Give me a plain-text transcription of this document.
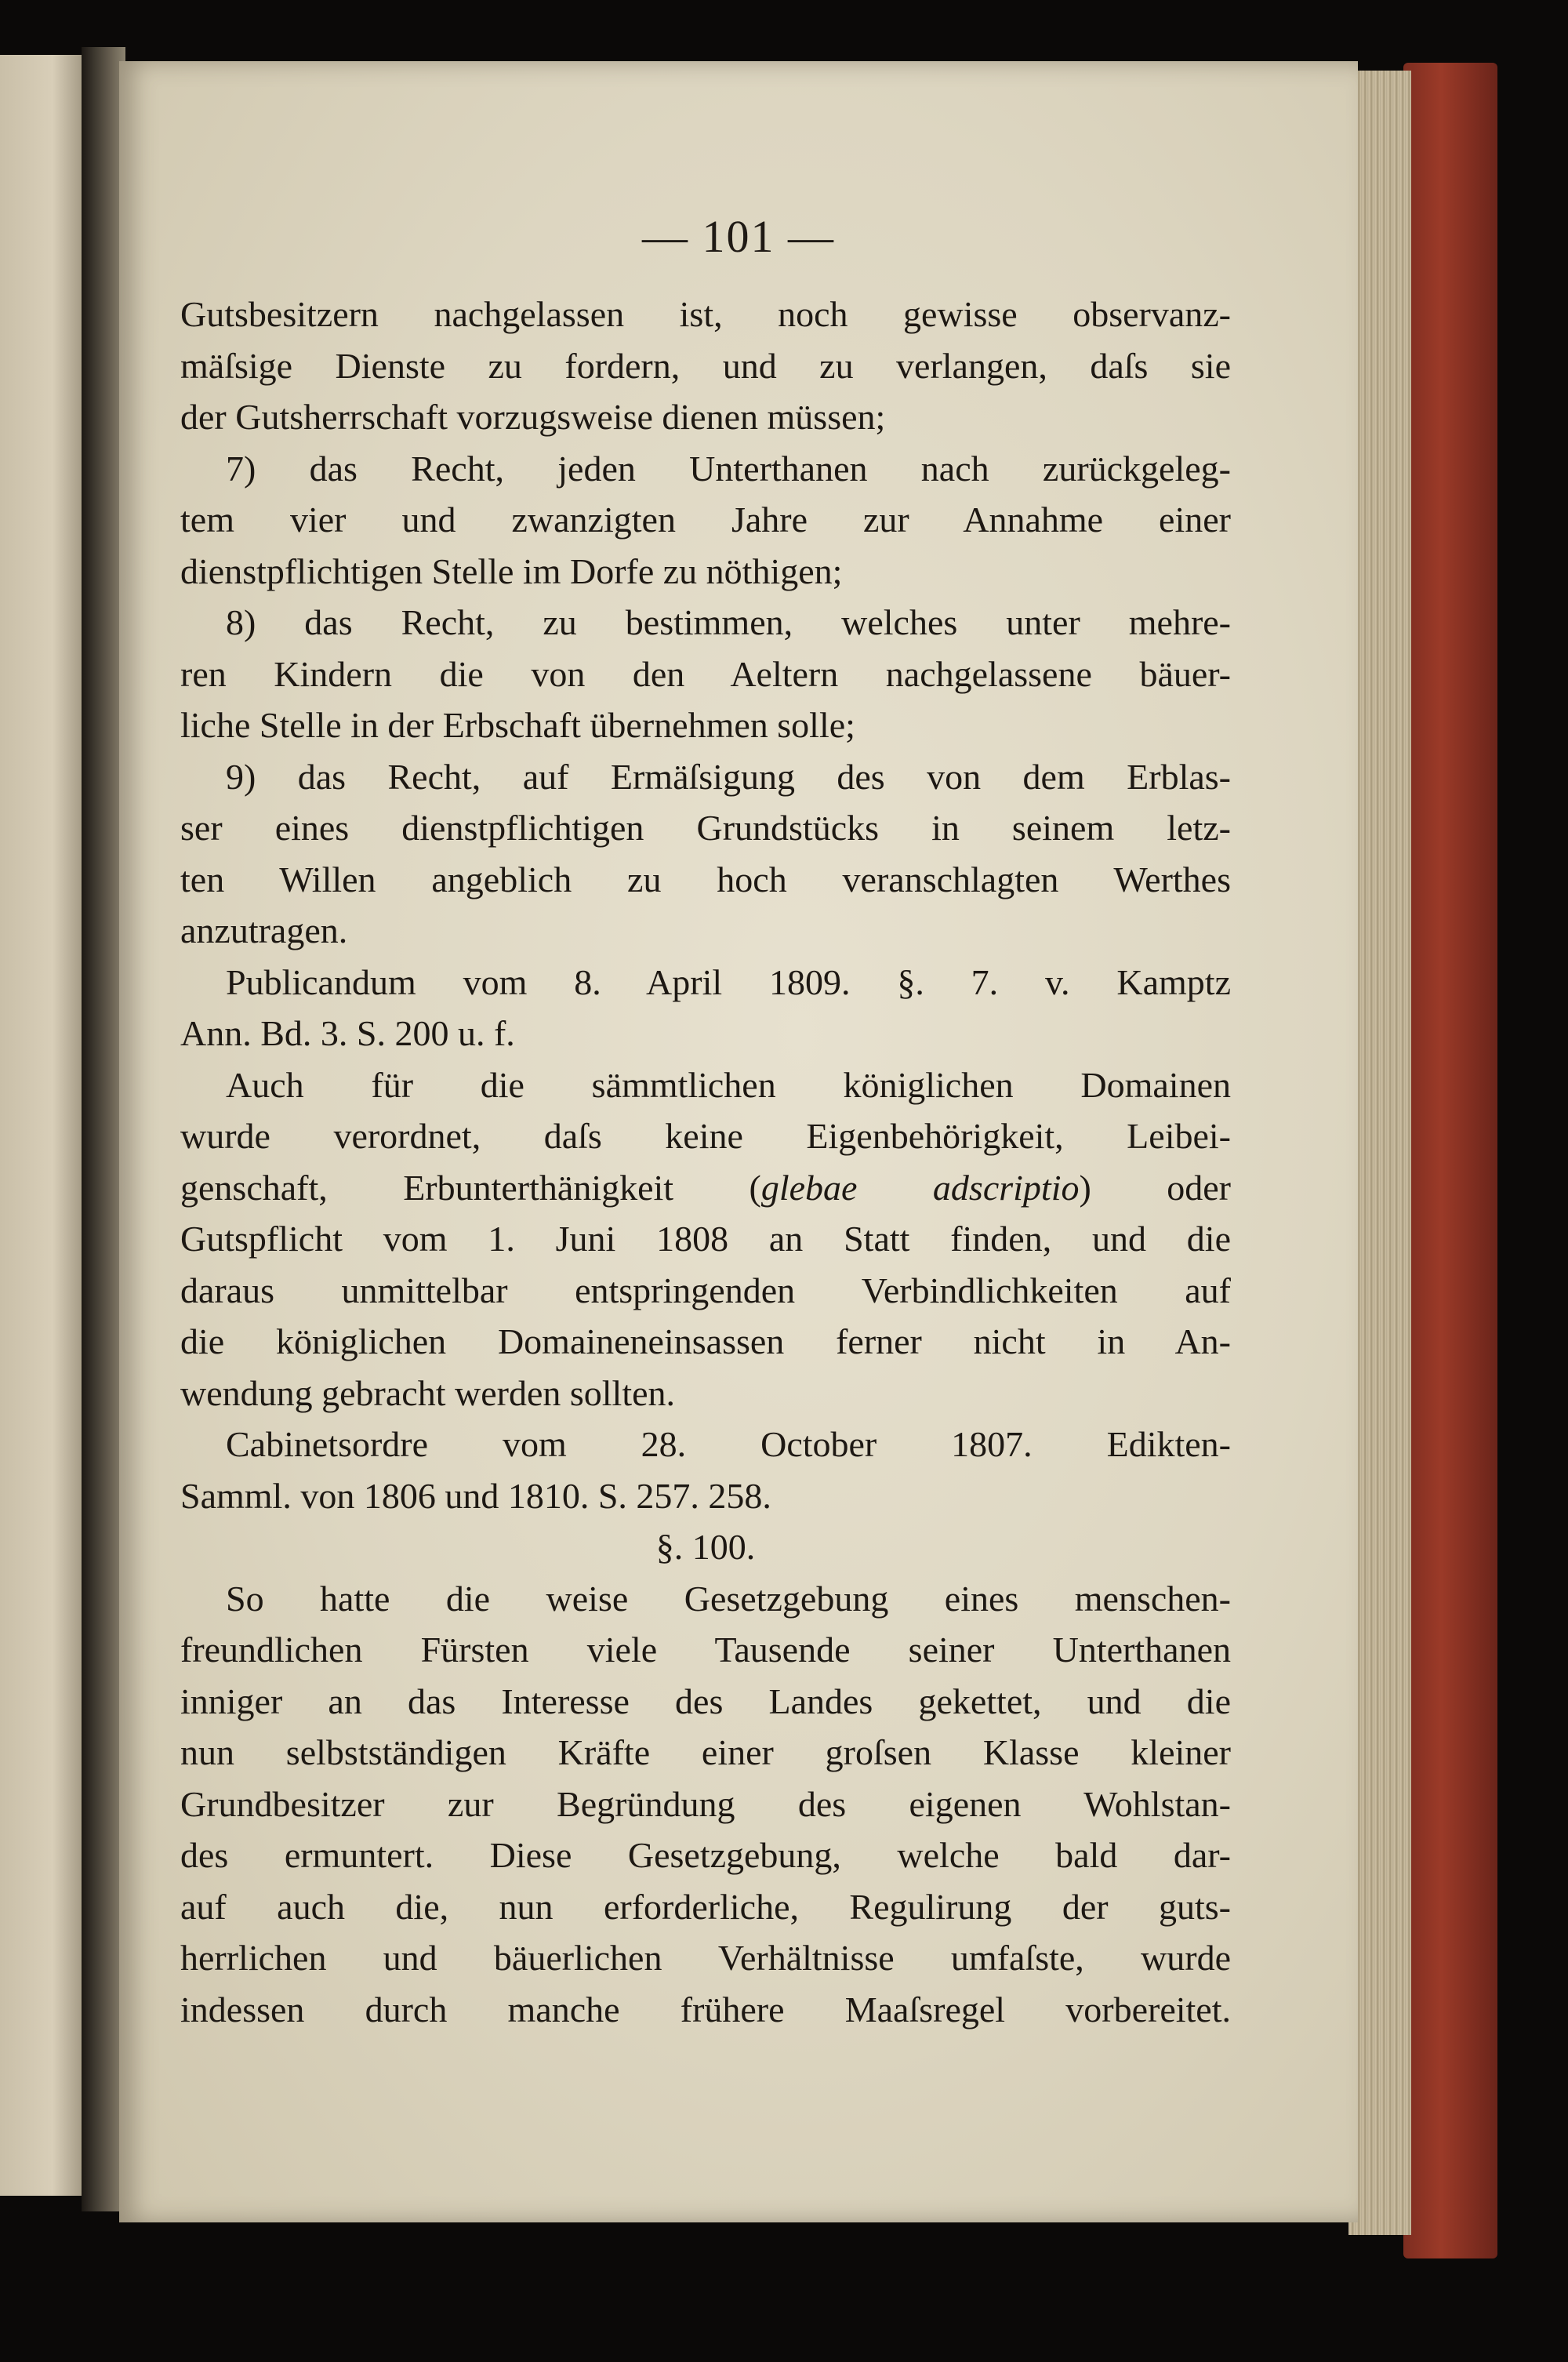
— 101 —
Gutsbesitzern nachgelassen ist, noch gewisse observanz-
mäſsige Dienste zu fordern, und zu verlangen, daſs sie
der Gutsherrschaft vorzugsweise dienen müssen;
7) das Recht, jeden Unterthanen nach zurückgeleg-
tem vier und zwanzigten Jahre zur Annahme einer
dienstpflichtigen Stelle im Dorfe zu nöthigen;
8) das Recht, zu bestimmen, welches unter mehre-
ren Kindern die von den Aeltern nachgelassene bäuer-
liche Stelle in der Erbschaft übernehmen solle;
9) das Recht, auf Ermäſsigung des von dem Erblas-
ser eines dienstpflichtigen Grundstücks in seinem letz-
ten Willen angeblich zu hoch veranschlagten Werthes
anzutragen.
Publicandum vom 8. April 1809. §. 7. v. Kamptz
Ann. Bd. 3. S. 200 u. f.
Auch für die sämmtlichen königlichen Domainen
wurde verordnet, daſs keine Eigenbehörigkeit, Leibei-
genschaft, Erbunterthänigkeit (glebae adscriptio) oder
Gutspflicht vom 1. Juni 1808 an Statt finden, und die
daraus unmittelbar entspringenden Verbindlichkeiten auf
die königlichen Domaineneinsassen ferner nicht in An-
wendung gebracht werden sollten.
Cabinetsordre vom 28. October 1807. Edikten-
Samml. von 1806 und 1810. S. 257. 258.
§. 100.
So hatte die weise Gesetzgebung eines menschen-
freundlichen Fürsten viele Tausende seiner Unterthanen
inniger an das Interesse des Landes gekettet, und die
nun selbstständigen Kräfte einer groſsen Klasse kleiner
Grundbesitzer zur Begründung des eigenen Wohlstan-
des ermuntert. Diese Gesetzgebung, welche bald dar-
auf auch die, nun erforderliche, Regulirung der guts-
herrlichen und bäuerlichen Verhältnisse umfaſste, wurde
indessen durch manche frühere Maaſsregel vorbereitet.
